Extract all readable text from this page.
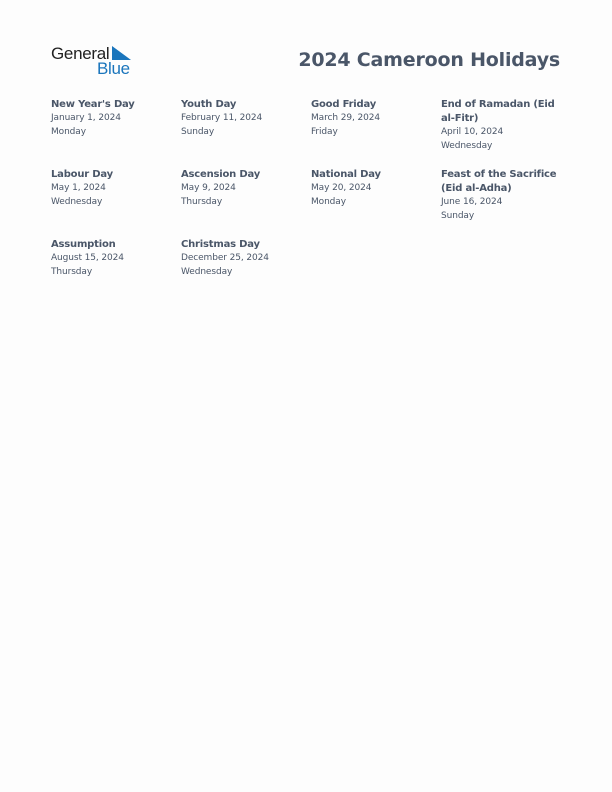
General
Blue	2024 Cameroon Holidays
New Year's Day
January 1, 2024
Monday
Youth Day
February 11, 2024
Sunday
Good Friday
March 29, 2024
Friday
End of Ramadan (Eid al-Fitr)
April 10, 2024
Wednesday
Labour Day
May 1, 2024
Wednesday
Ascension Day
May 9, 2024
Thursday
National Day
May 20, 2024
Monday
Feast of the Sacrifice (Eid al-Adha)
June 16, 2024
Sunday
Assumption
August 15, 2024
Thursday
Christmas Day
December 25, 2024
Wednesday
